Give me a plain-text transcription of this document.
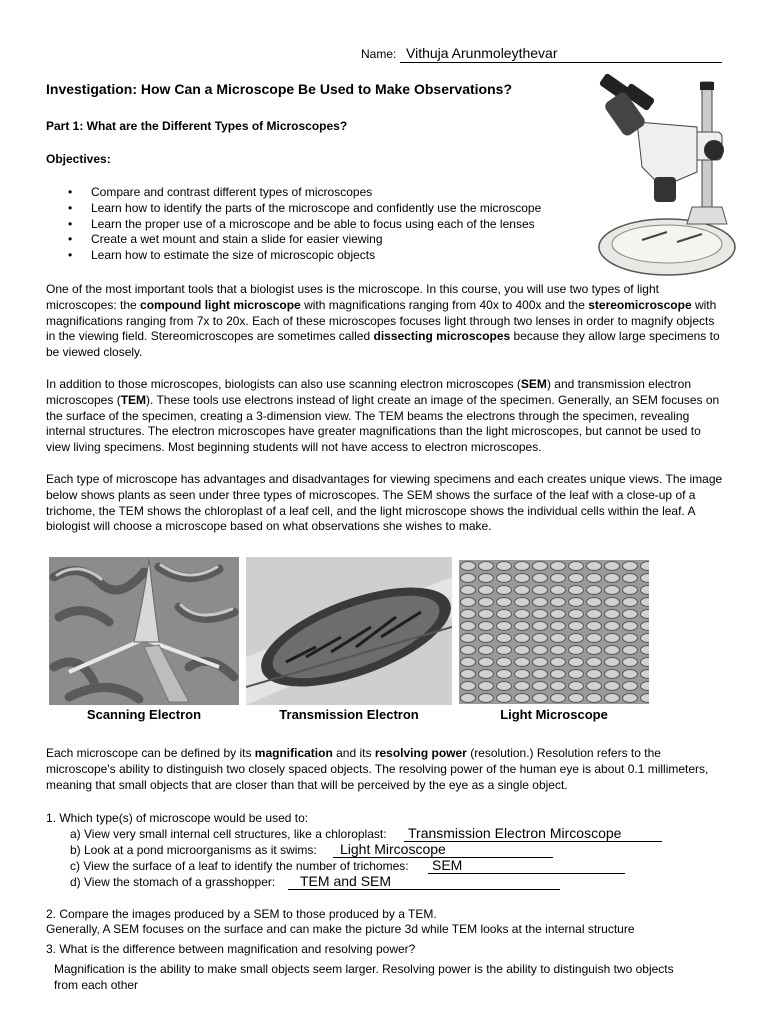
Name: Vithuja Arunmoleythevar
Investigation: How Can a Microscope Be Used to Make Observations?
Part 1: What are the Different Types of Microscopes?
Objectives:
• Compare and contrast different types of microscopes
• Learn how to identify the parts of the microscope and confidently use the microscope
• Learn the proper use of a microscope and be able to focus using each of the lenses
• Create a wet mount and stain a slide for easier viewing
• Learn how to estimate the size of microscopic objects
One of the most important tools that a biologist uses is the microscope. In this course, you will use two types of light microscopes: the compound light microscope with magnifications ranging from 40x to 400x and the stereomicroscope with magnifications ranging from 7x to 20x. Each of these microscopes focuses light through two lenses in order to magnify objects in the viewing field. Stereomicroscopes are sometimes called dissecting microscopes because they allow large specimens to be viewed closely.
In addition to those microscopes, biologists can also use scanning electron microscopes (SEM) and transmission electron microscopes (TEM). These tools use electrons instead of light create an image of the specimen. Generally, an SEM focuses on the surface of the specimen, creating a 3-dimension view. The TEM beams the electrons through the specimen, revealing internal structures. The electron microscopes have greater magnifications than the light microscopes, but cannot be used to view living specimens. Most beginning students will not have access to electron microscopes.
Each type of microscope has advantages and disadvantages for viewing specimens and each creates unique views. The image below shows plants as seen under three types of microscopes. The SEM shows the surface of the leaf with a close-up of a trichome, the TEM shows the chloroplast of a leaf cell, and the light microscope shows the individual cells within the leaf. A biologist will choose a microscope based on what observations she wishes to make.
Scanning Electron	Transmission Electron	Light Microscope
Each microscope can be defined by its magnification and its resolving power (resolution.) Resolution refers to the microscope's ability to distinguish two closely spaced objects. The resolving power of the human eye is about 0.1 millimeters, meaning that small objects that are closer than that will be perceived by the eye as a single object.
1. Which type(s) of microscope would be used to:
a) View very small internal cell structures, like a chloroplast: Transmission Electron Mircoscope
b) Look at a pond microorganisms as it swims: Light Mircoscope
c) View the surface of a leaf to identify the number of trichomes: SEM
d) View the stomach of a grasshopper: TEM and SEM
2. Compare the images produced by a SEM to those produced by a TEM.
Generally, A SEM focuses on the surface and can make the picture 3d while TEM looks at the internal structure
3. What is the difference between magnification and resolving power?
Magnification is the ability to make small objects seem larger. Resolving power is the ability to distinguish two objects from each other
